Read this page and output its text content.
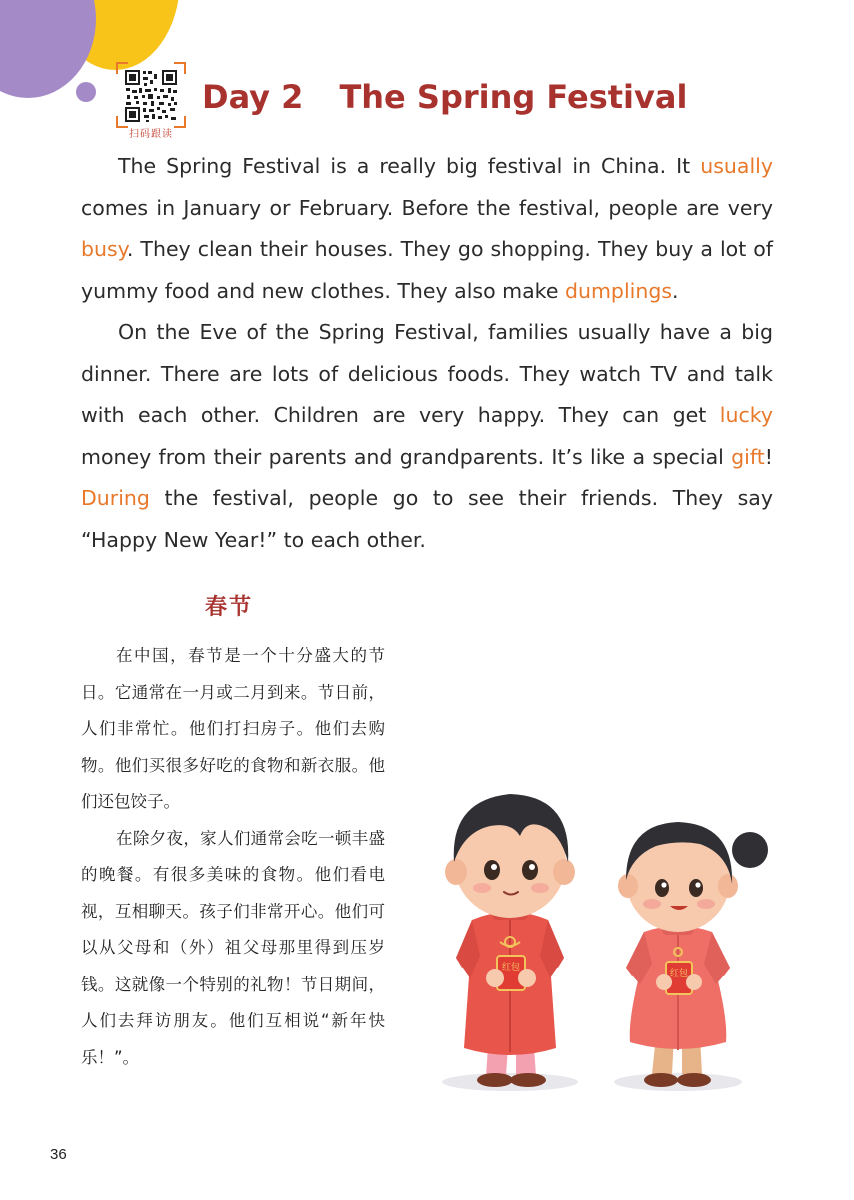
扫码跟读
Day 2 The Spring Festival

The Spring Festival is a really big festival in China. It usually comes in January or February. Before the festival, people are very busy. They clean their houses. They go shopping. They buy a lot of yummy food and new clothes. They also make dumplings.

On the Eve of the Spring Festival, families usually have a big dinner. There are lots of delicious foods. They watch TV and talk with each other. Children are very happy. They can get lucky money from their parents and grandparents. It’s like a special gift! During the festival, people go to see their friends. They say “Happy New Year!” to each other.

春节

在中国，春节是一个十分盛大的节日。它通常在一月或二月到来。节日前，人们非常忙。他们打扫房子。他们去购物。他们买很多好吃的食物和新衣服。他们还包饺子。

在除夕夜，家人们通常会吃一顿丰盛的晚餐。有很多美味的食物。他们看电视，互相聊天。孩子们非常开心。他们可以从父母和（外）祖父母那里得到压岁钱。这就像一个特别的礼物！节日期间，人们去拜访朋友。他们互相说“新年快乐！”。

红包
红包
36
